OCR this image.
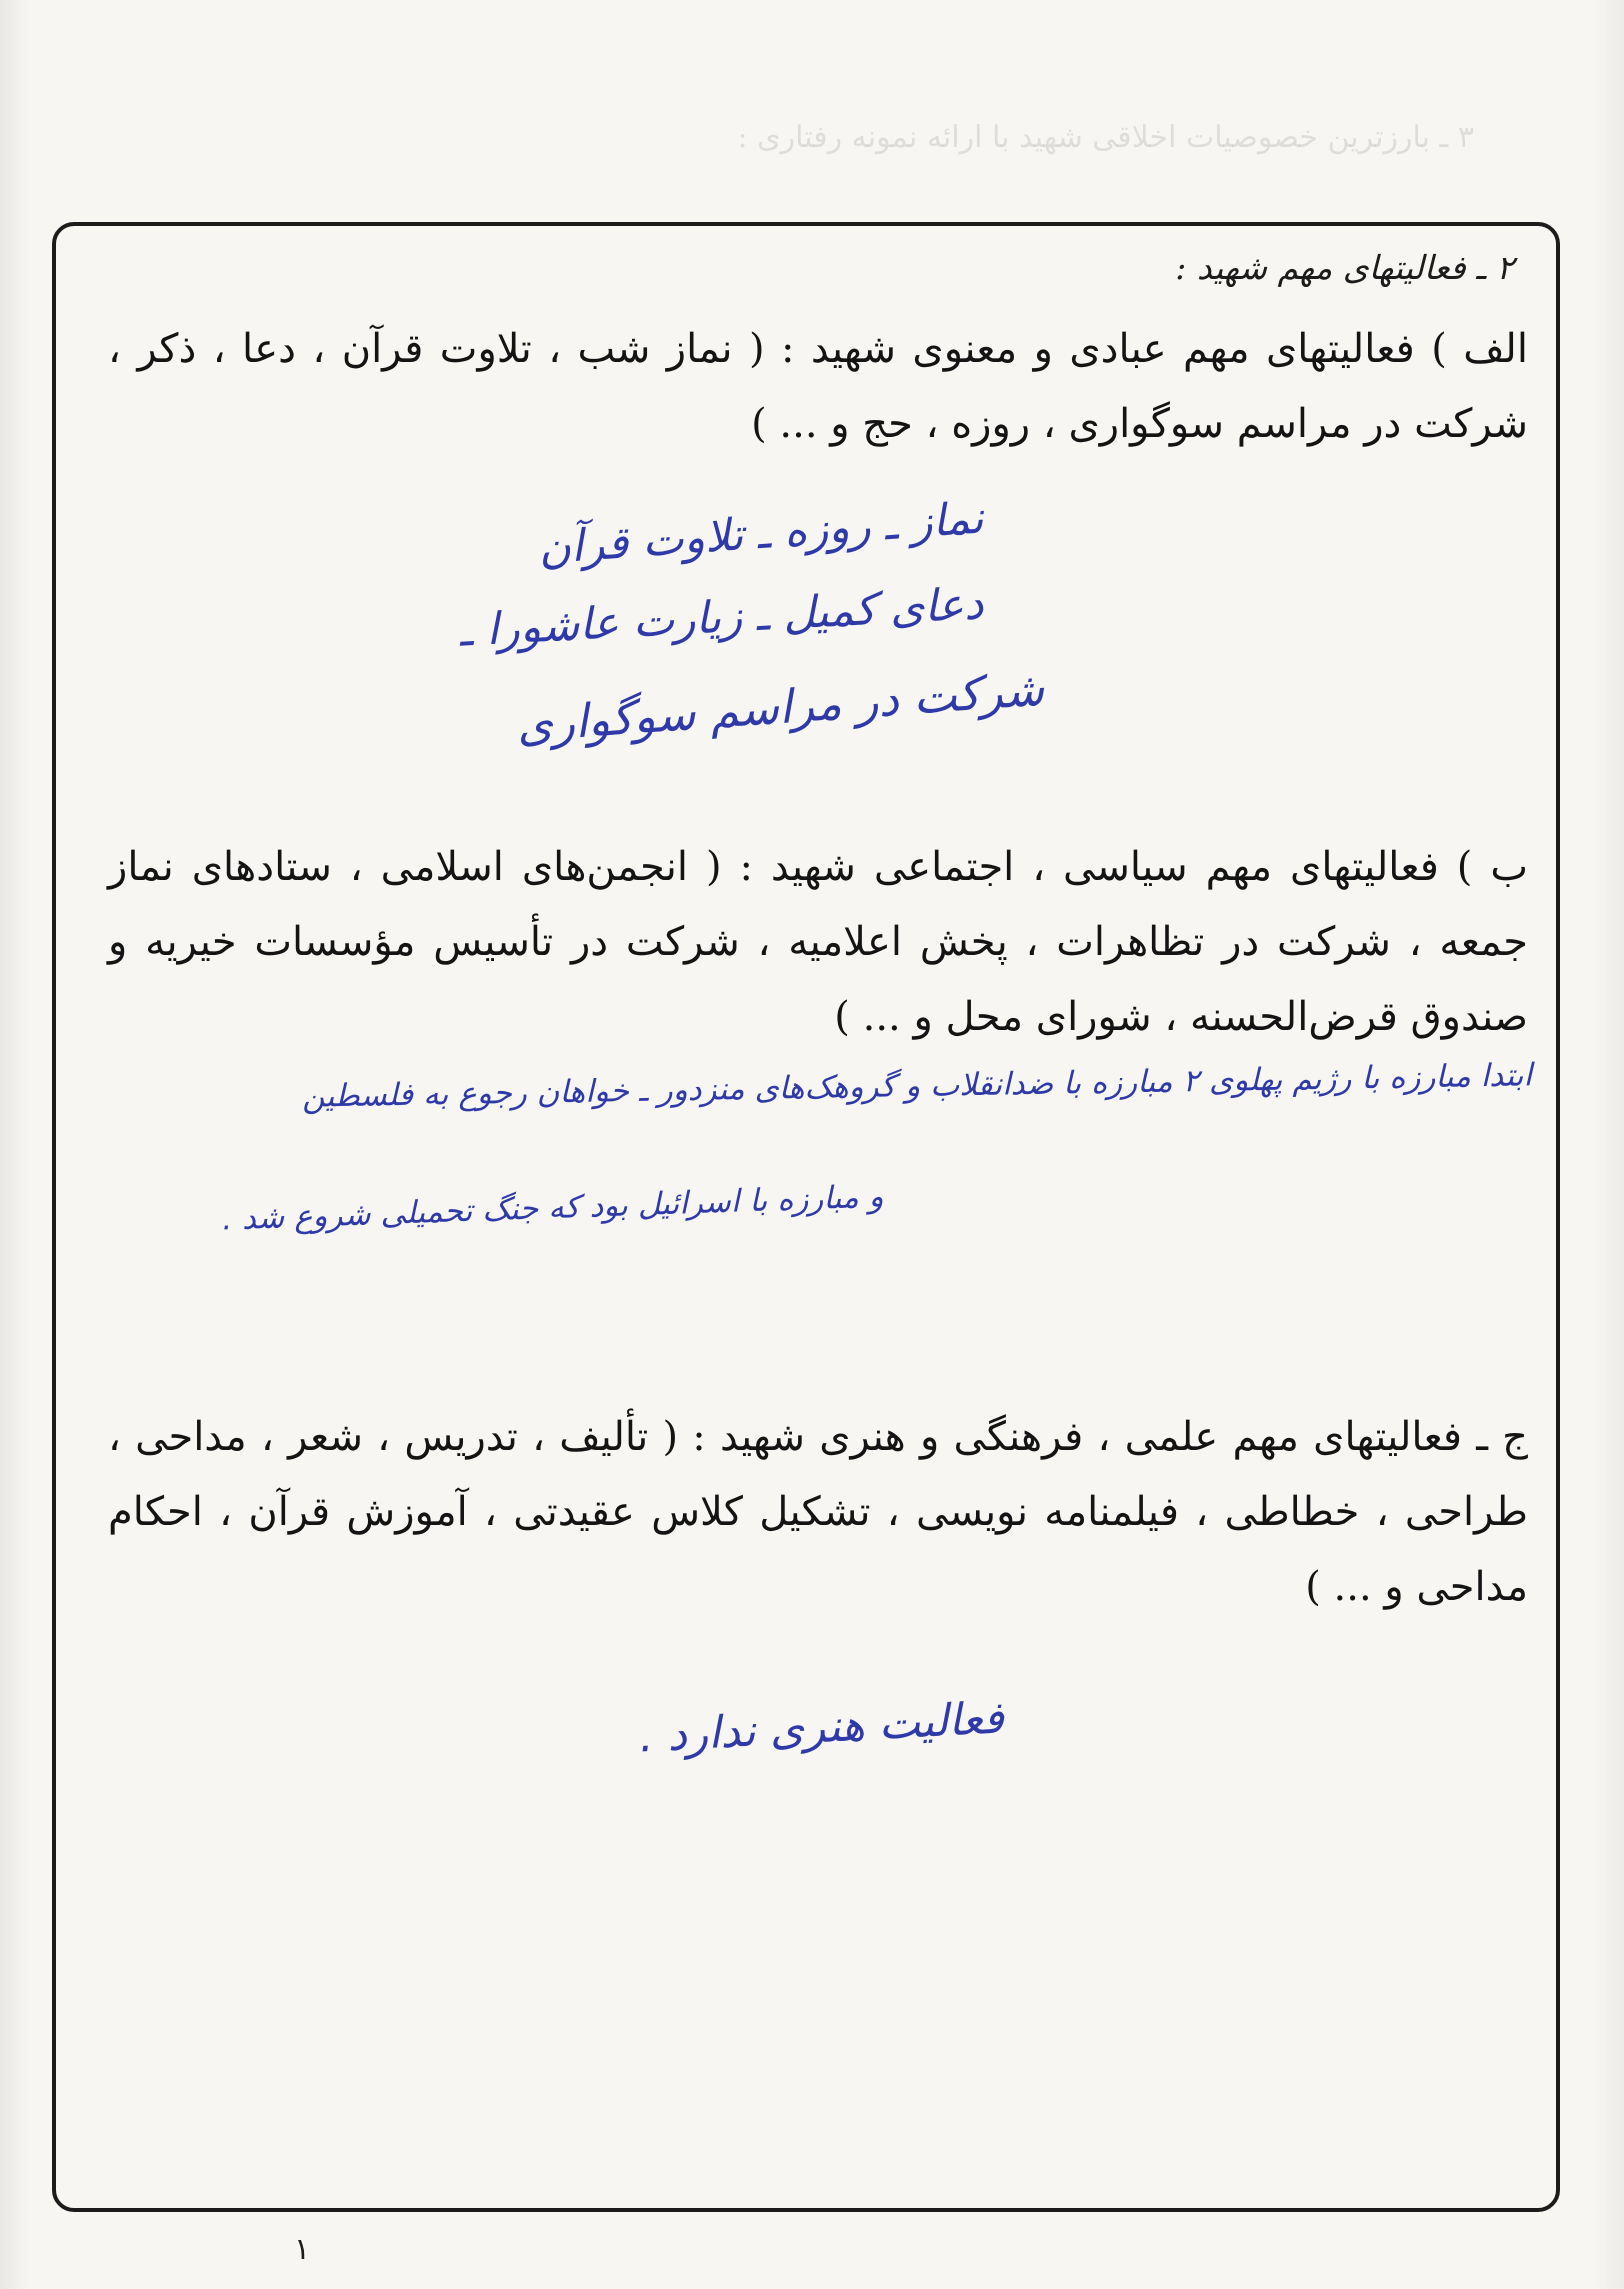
۳ ـ بارزترین خصوصیات اخلاقی شهید با ارائه نمونه رفتاری :
۲ ـ فعالیتهای مهم شهید :
الف ) فعالیتهای مهم عبادی و معنوی شهید : ( نماز شب ، تلاوت قرآن ، دعا ، ذکر ، شرکت در مراسم سوگواری ، روزه ، حج و ... )
نماز ـ روزه ـ تلاوت قرآن
دعای کمیل ـ زیارت عاشورا ـ
شرکت در مراسم سوگواری
ب ) فعالیتهای مهم سیاسی ، اجتماعی شهید : ( انجمن‌های اسلامی ، ستادهای نماز جمعه ، شرکت در تظاهرات ، پخش اعلامیه ، شرکت در تأسیس مؤسسات خیریه و صندوق قرض‌الحسنه ، شورای محل و ... )
ابتدا مبارزه با رژیم پهلوی ۲ مبارزه با ضدانقلاب و گروهک‌های منزدور ـ خواهان رجوع به فلسطین
و مبارزه با اسرائیل بود که جنگ تحمیلی شروع شد .
ج ـ فعالیتهای مهم علمی ، فرهنگی و هنری شهید : ( تألیف ، تدریس ، شعر ، مداحی ، طراحی ، خطاطی ، فیلمنامه نویسی ، تشکیل کلاس عقیدتی ، آموزش قرآن ، احکام مداحی و ... )
فعالیت هنری ندارد .
۱
